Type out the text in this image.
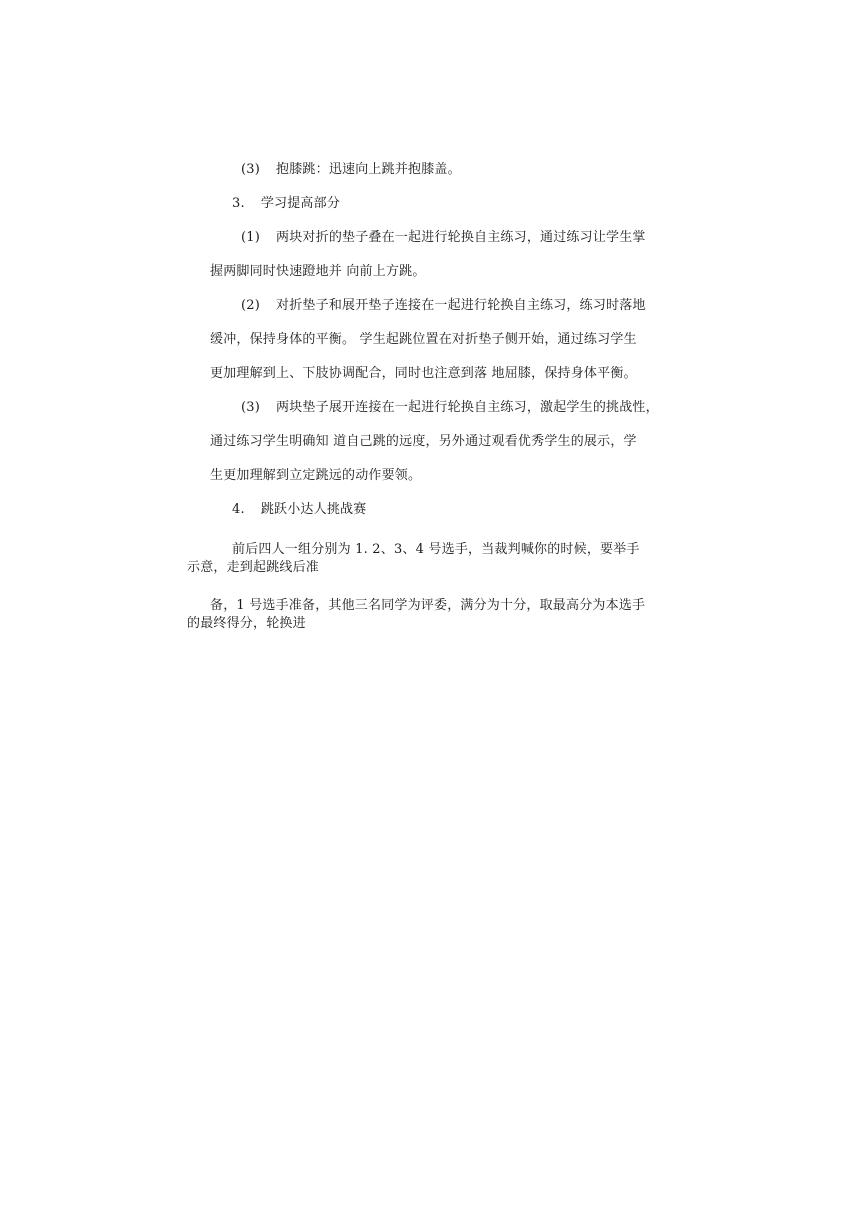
(3) 抱膝跳：迅速向上跳并抱膝盖。
3. 学习提高部分
(1) 两块对折的垫子叠在一起进行轮换自主练习，通过练习让学生掌
握两脚同时快速蹬地并 向前上方跳。
(2) 对折垫子和展开垫子连接在一起进行轮换自主练习，练习时落地
缓冲，保持身体的平衡。 学生起跳位置在对折垫子侧开始，通过练习学生
更加理解到上、下肢协调配合，同时也注意到落 地屈膝，保持身体平衡。
(3) 两块垫子展开连接在一起进行轮换自主练习，激起学生的挑战性，
通过练习学生明确知 道自己跳的远度，另外通过观看优秀学生的展示，学
生更加理解到立定跳远的动作要领。
4. 跳跃小达人挑战赛
前后四人一组分别为 1. 2、3、4 号选手，当裁判喊你的时候，要举手
示意，走到起跳线后准
备，1 号选手准备，其他三名同学为评委，满分为十分，取最高分为本选手
的最终得分，轮换进
